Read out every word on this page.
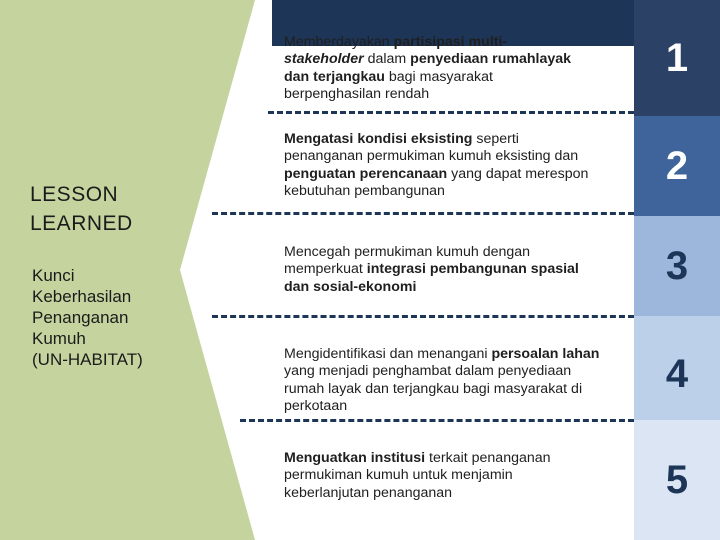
LESSON
LEARNED
Kunci
Keberhasilan
Penanganan
Kumuh
(UN-HABITAT)
1
2
3
4
5
Memberdayakan partisipasi multi-stakeholder dalam penyediaan rumahlayak dan terjangkau bagi masyarakat berpenghasilan rendah
Mengatasi kondisi eksisting seperti penanganan permukiman kumuh eksisting dan penguatan perencanaan yang dapat merespon kebutuhan pembangunan
Mencegah permukiman kumuh dengan memperkuat integrasi pembangunan spasial dan sosial-ekonomi
Mengidentifikasi dan menangani persoalan lahan yang menjadi penghambat dalam penyediaan rumah layak dan terjangkau bagi masyarakat di perkotaan
Menguatkan institusi terkait penanganan permukiman kumuh untuk menjamin keberlanjutan penanganan
